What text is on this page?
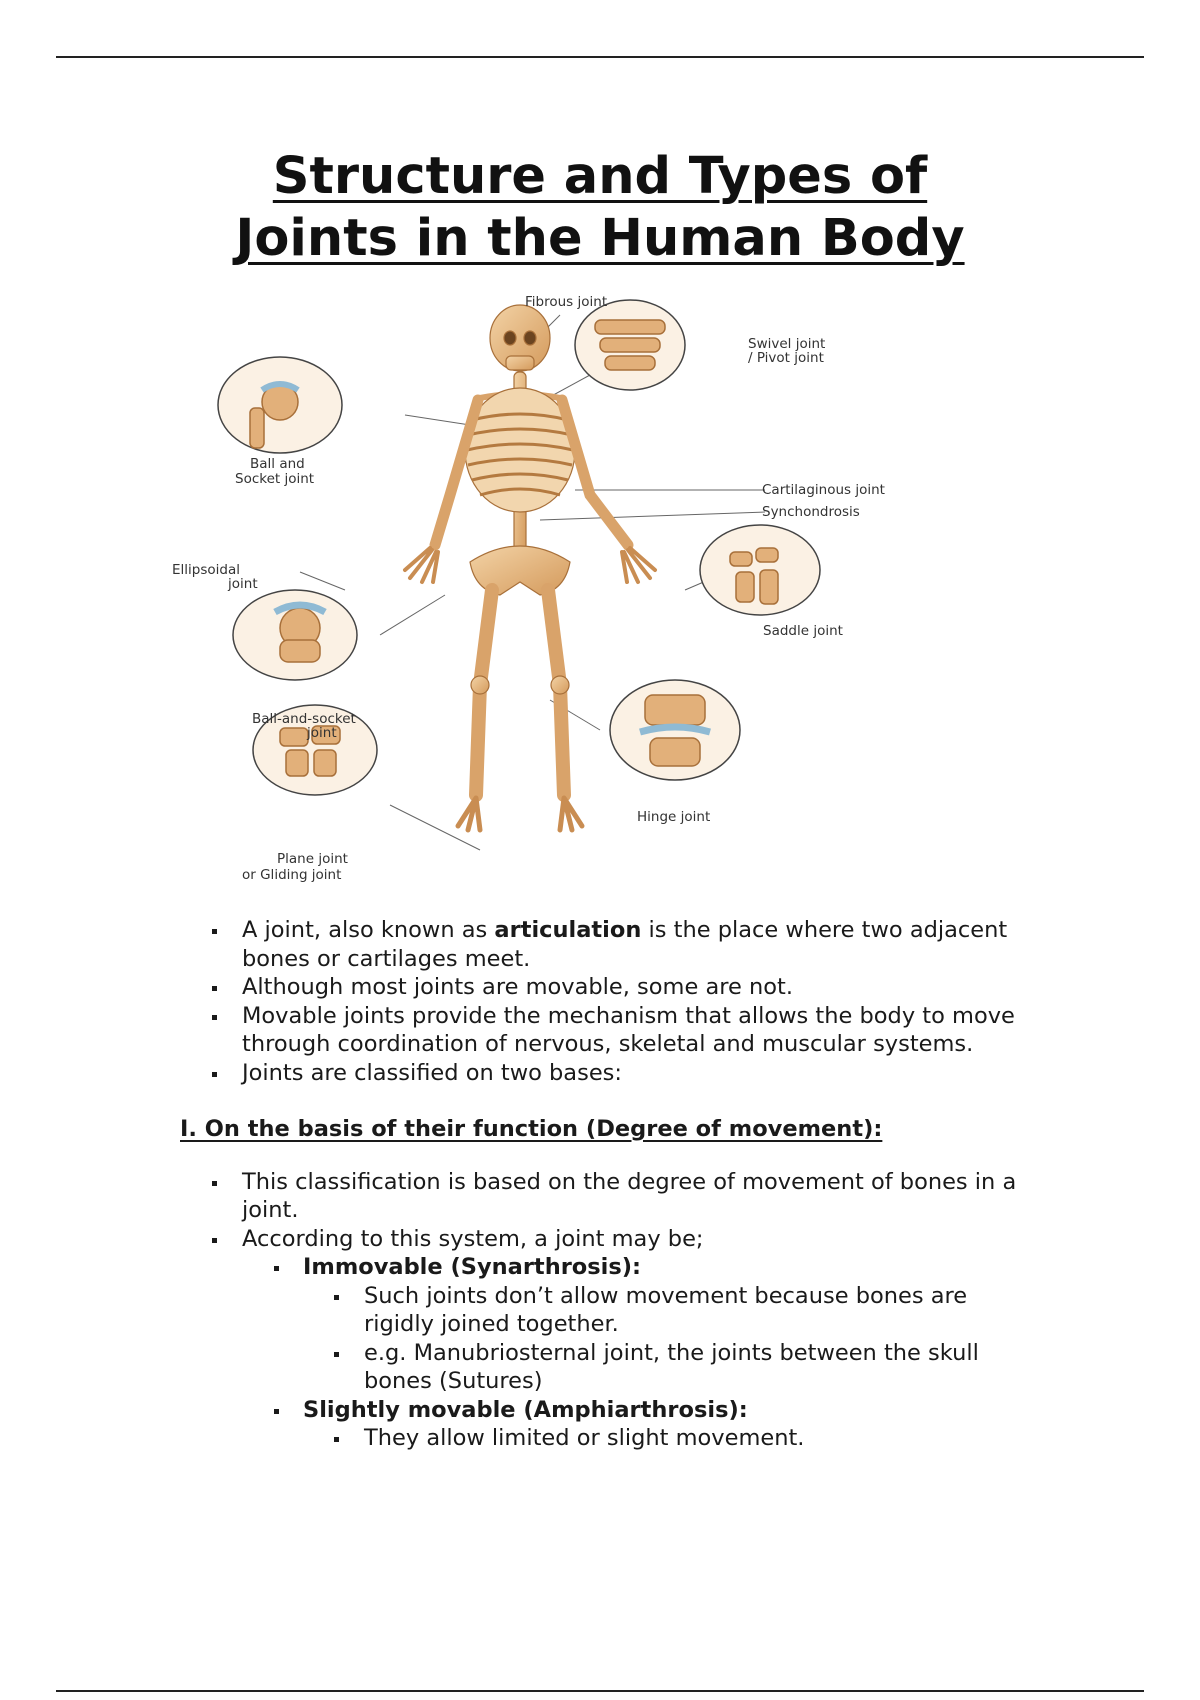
Structure and Types of
Joints in the Human Body
Fibrous joint
Swivel joint
/ Pivot joint
Ball and
Socket joint
Cartilaginous joint
Synchondrosis
Ellipsoidal
joint
Saddle joint
Ball-and-socket
joint
Hinge joint
Plane joint
or Gliding joint
A joint, also known as articulation is the place where two adjacent bones or cartilages meet.
Although most joints are movable, some are not.
Movable joints provide the mechanism that allows the body to move through coordination of nervous, skeletal and muscular systems.
Joints are classified on two bases:
I. On the basis of their function (Degree of movement):
This classification is based on the degree of movement of bones in a joint.
According to this system, a joint may be;
Immovable (Synarthrosis):
Such joints don’t allow movement because bones are rigidly joined together.
e.g. Manubriosternal joint, the joints between the skull bones (Sutures)
Slightly movable (Amphiarthrosis):
They allow limited or slight movement.
